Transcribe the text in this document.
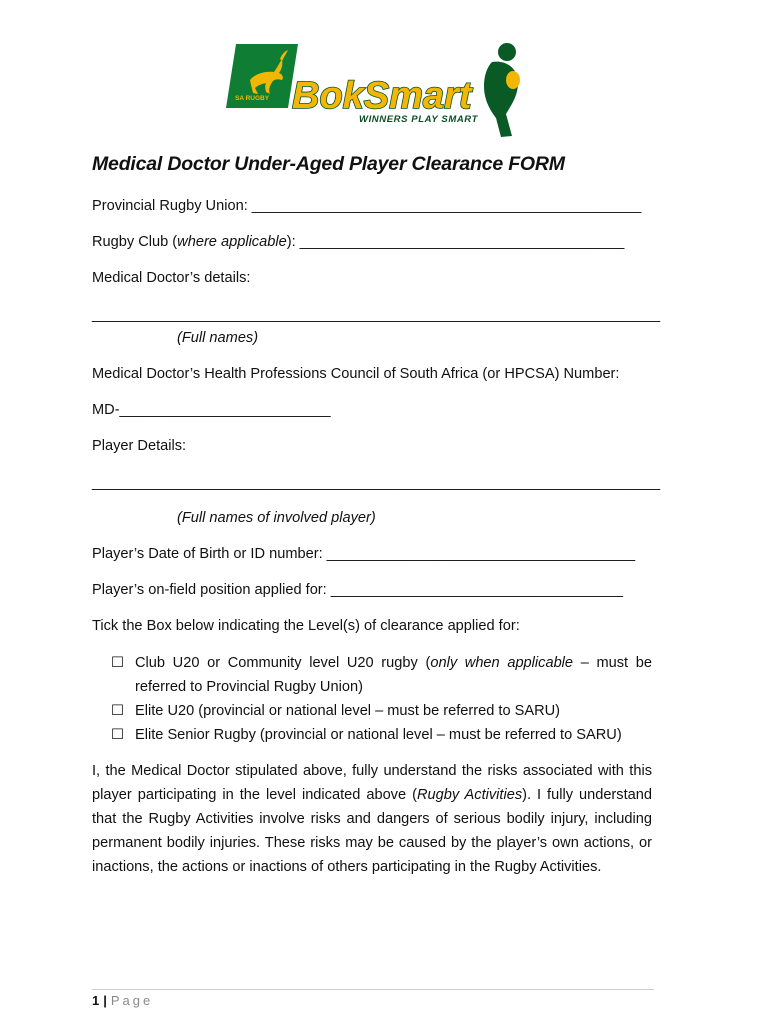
SA RUGBY BokSmart
WINNERS PLAY SMART
Medical Doctor Under-Aged Player Clearance FORM
Provincial Rugby Union: ________________________________________________
Rugby Club (where applicable): ________________________________________
Medical Doctor’s details:
______________________________________________________________________
(Full names)
Medical Doctor’s Health Professions Council of South Africa (or HPCSA) Number:
MD-__________________________
Player Details:
______________________________________________________________________
(Full names of involved player)
Player’s Date of Birth or ID number: ______________________________________
Player’s on-field position applied for: ____________________________________
Tick the Box below indicating the Level(s) of clearance applied for:
☐ Club U20 or Community level U20 rugby (only when applicable – must be referred to Provincial Rugby Union)
☐ Elite U20 (provincial or national level – must be referred to SARU)
☐ Elite Senior Rugby (provincial or national level – must be referred to SARU)
I, the Medical Doctor stipulated above, fully understand the risks associated with this player participating in the level indicated above (Rugby Activities). I fully understand that the Rugby Activities involve risks and dangers of serious bodily injury, including permanent bodily injuries. These risks may be caused by the player’s own actions, or inactions, the actions or inactions of others participating in the Rugby Activities.
1 | Page
